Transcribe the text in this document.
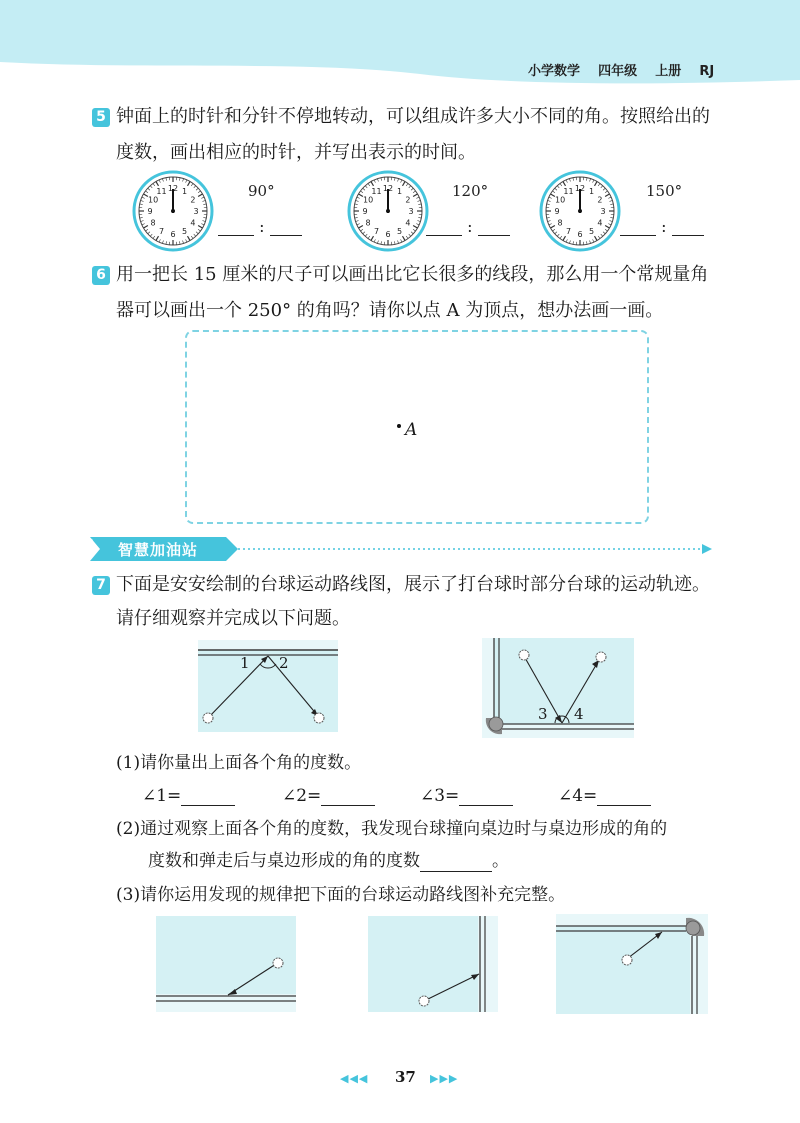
小学数学 四年级 上册 RJ
5 钟面上的时针和分针不停地转动，可以组成许多大小不同的角。按照给出的
度数，画出相应的时针，并写出表示的时间。
12 1
2
3
4
5
6
7
8
9
10
11	12 1
2
3
4
5
6
7
8
9
10
11	12 1
2
3
4
5
6
7
8
9
10
11
90°	120°	150°
:	:	:
6 用一把长 15 厘米的尺子可以画出比它长很多的线段，那么用一个常规量角
器可以画出一个 250° 的角吗？请你以点 A 为顶点，想办法画一画。
A
智慧加油站
7 下面是安安绘制的台球运动路线图，展示了打台球时部分台球的运动轨迹。
请仔细观察并完成以下问题。
1 2
3 4
(1)请你量出上面各个角的度数。
∠1=	∠2=	∠3=	∠4=
(2)通过观察上面各个角的度数，我发现台球撞向桌边时与桌边形成的角的
度数和弹走后与桌边形成的角的度数	。
(3)请你运用发现的规律把下面的台球运动路线图补充完整。
◀◀◀ 37 ▶▶▶
